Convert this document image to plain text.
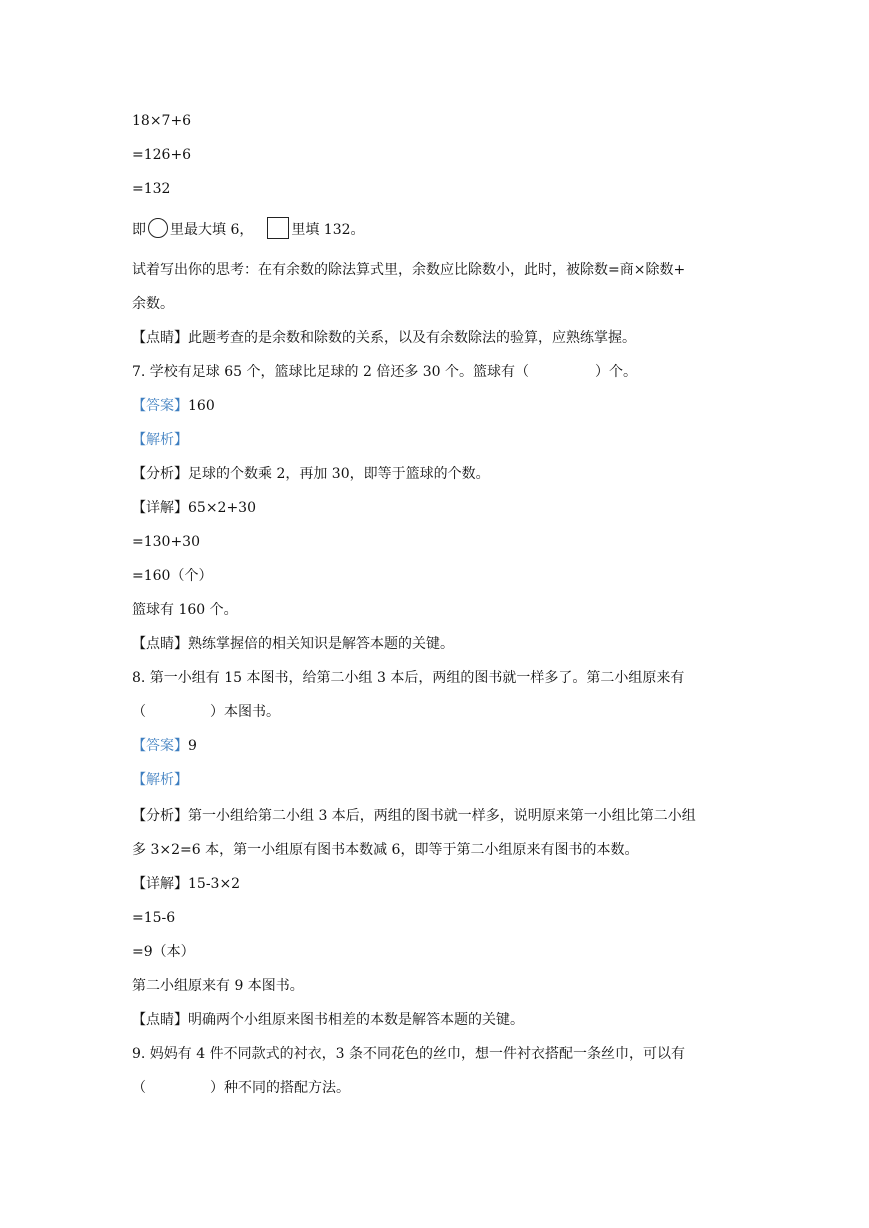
18×7+6
=126+6
=132
即 里最大填 6，	里填 132。
试着写出你的思考：在有余数的除法算式里，余数应比除数小，此时，被除数=商×除数+
余数。
【点睛】此题考查的是余数和除数的关系，以及有余数除法的验算，应熟练掌握。
7. 学校有足球 65 个，篮球比足球的 2 倍还多 30 个。篮球有（	）个。
【答案】160
【解析】
【分析】足球的个数乘 2，再加 30，即等于篮球的个数。
【详解】65×2+30
=130+30
=160（个）
篮球有 160 个。
【点睛】熟练掌握倍的相关知识是解答本题的关键。
8. 第一小组有 15 本图书，给第二小组 3 本后，两组的图书就一样多了。第二小组原来有
（	）本图书。
【答案】9
【解析】
【分析】第一小组给第二小组 3 本后，两组的图书就一样多，说明原来第一小组比第二小组
多 3×2=6 本，第一小组原有图书本数减 6，即等于第二小组原来有图书的本数。
【详解】15-3×2
=15-6
=9（本）
第二小组原来有 9 本图书。
【点睛】明确两个小组原来图书相差的本数是解答本题的关键。
9. 妈妈有 4 件不同款式的衬衣，3 条不同花色的丝巾，想一件衬衣搭配一条丝巾，可以有
（	）种不同的搭配方法。
